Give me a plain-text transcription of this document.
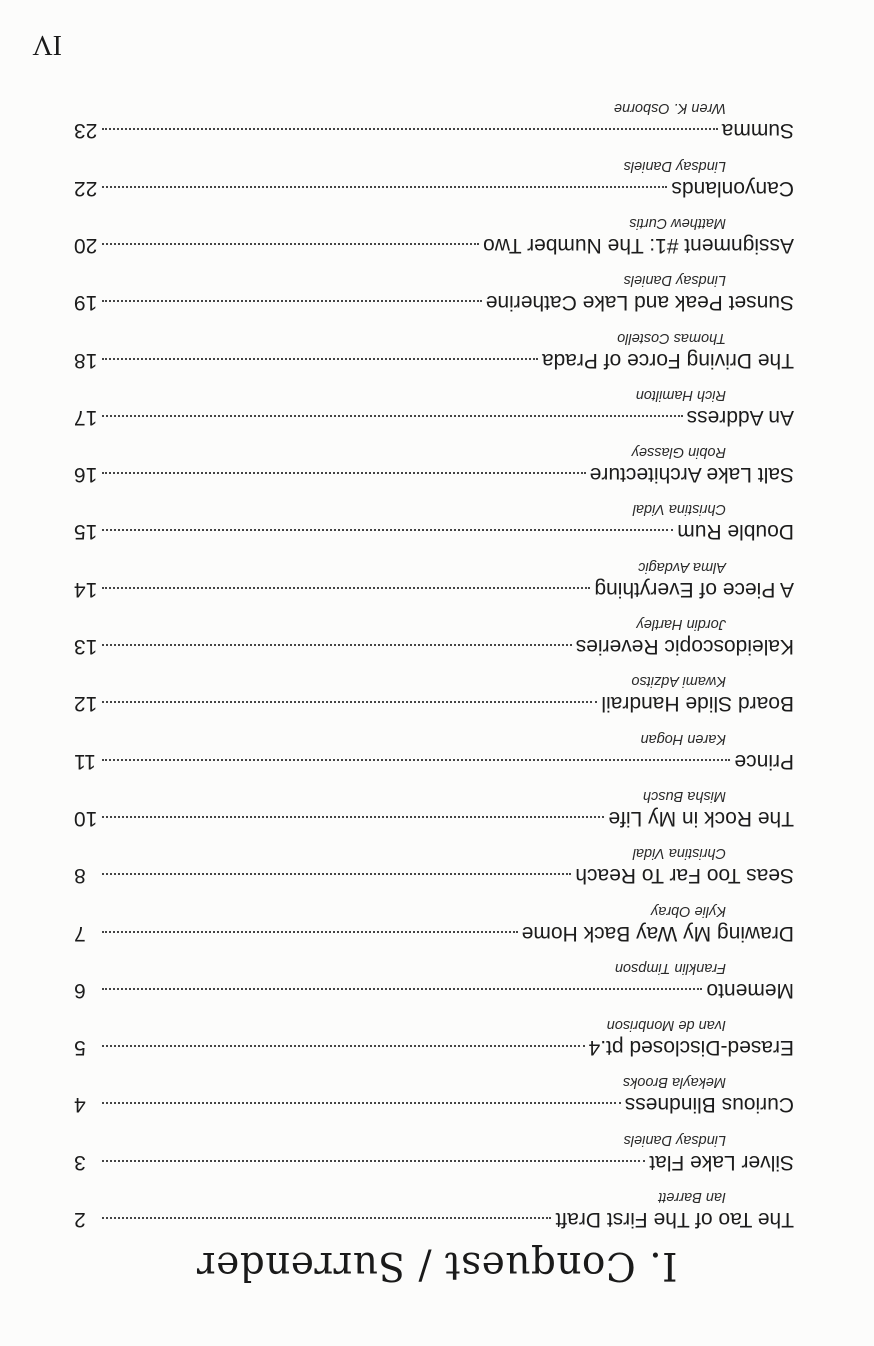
I. Conquest / Surrender
The Tao of The First Draft
2
Ian Barrett
Silver Lake Flat
3
Lindsay Daniels
Curious Blindness
4
Mekayla Brooks
Erased-Disclosed pt.4
5
Ivan de Monbrison
Memento
6
Franklin Timpson
Drawing My Way Back Home
7
Kylie Obray
Seas Too Far To Reach
8
Christina Vidal
The Rock in My Life
10
Misha Busch
Prince
11
Karen Hogan
Board Slide Handrail
12
Kwami Adzitso
Kaleidoscopic Reveries
13
Jordin Hartley
A Piece of Everything
14
Alma Avdagic
Double Rum
15
Christina Vidal
Salt Lake Architecture
16
Robin Glassey
An Address
17
Rich Hamilton
The Driving Force of Prada
18
Thomas Costello
Sunset Peak and Lake Catherine
19
Lindsay Daniels
Assignment #1: The Number Two
20
Matthew Curtis
Canyonlands
22
Lindsay Daniels
Summa
23
Wren K. Osborne
IV
